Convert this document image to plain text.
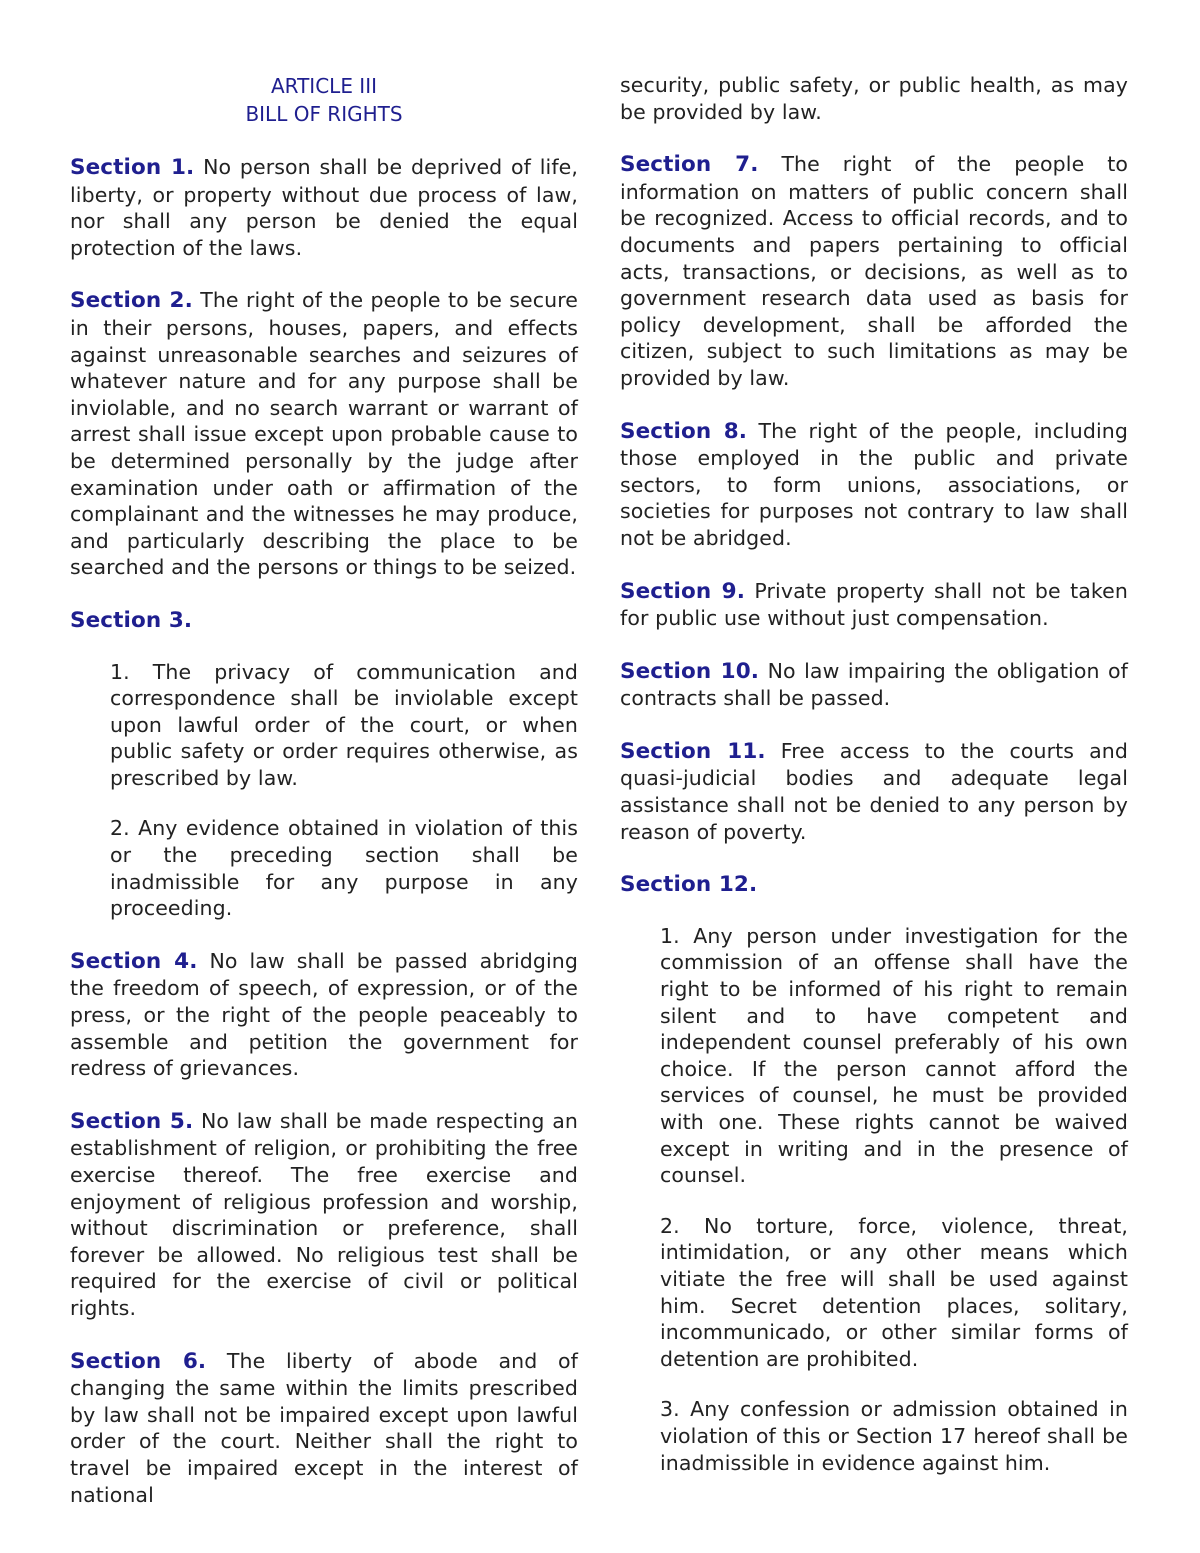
ARTICLE III
BILL OF RIGHTS

Section 1. No person shall be deprived of life, liberty, or property without due process of law, nor shall any person be denied the equal protection of the laws.

Section 2. The right of the people to be secure in their persons, houses, papers, and effects against unreasonable searches and seizures of whatever nature and for any purpose shall be inviolable, and no search warrant or warrant of arrest shall issue except upon probable cause to be determined personally by the judge after examination under oath or affirmation of the complainant and the witnesses he may produce, and particularly describing the place to be searched and the persons or things to be seized.

Section 3.

1. The privacy of communication and correspondence shall be inviolable except upon lawful order of the court, or when public safety or order requires otherwise, as prescribed by law.

2. Any evidence obtained in violation of this or the preceding section shall be inadmissible for any purpose in any proceeding.

Section 4. No law shall be passed abridging the freedom of speech, of expression, or of the press, or the right of the people peaceably to assemble and petition the government for redress of grievances.

Section 5. No law shall be made respecting an establishment of religion, or prohibiting the free exercise thereof. The free exercise and enjoyment of religious profession and worship, without discrimination or preference, shall forever be allowed. No religious test shall be required for the exercise of civil or political rights.

Section 6. The liberty of abode and of changing the same within the limits prescribed by law shall not be impaired except upon lawful order of the court. Neither shall the right to travel be impaired except in the interest of national

security, public safety, or public health, as may be provided by law.

Section 7. The right of the people to information on matters of public concern shall be recognized. Access to official records, and to documents and papers pertaining to official acts, transactions, or decisions, as well as to government research data used as basis for policy development, shall be afforded the citizen, subject to such limitations as may be provided by law.

Section 8. The right of the people, including those employed in the public and private sectors, to form unions, associations, or societies for purposes not contrary to law shall not be abridged.

Section 9. Private property shall not be taken for public use without just compensation.

Section 10. No law impairing the obligation of contracts shall be passed.

Section 11. Free access to the courts and quasi-judicial bodies and adequate legal assistance shall not be denied to any person by reason of poverty.

Section 12.

1. Any person under investigation for the commission of an offense shall have the right to be informed of his right to remain silent and to have competent and independent counsel preferably of his own choice. If the person cannot afford the services of counsel, he must be provided with one. These rights cannot be waived except in writing and in the presence of counsel.

2. No torture, force, violence, threat, intimidation, or any other means which vitiate the free will shall be used against him. Secret detention places, solitary, incommunicado, or other similar forms of detention are prohibited.

3. Any confession or admission obtained in violation of this or Section 17 hereof shall be inadmissible in evidence against him.
